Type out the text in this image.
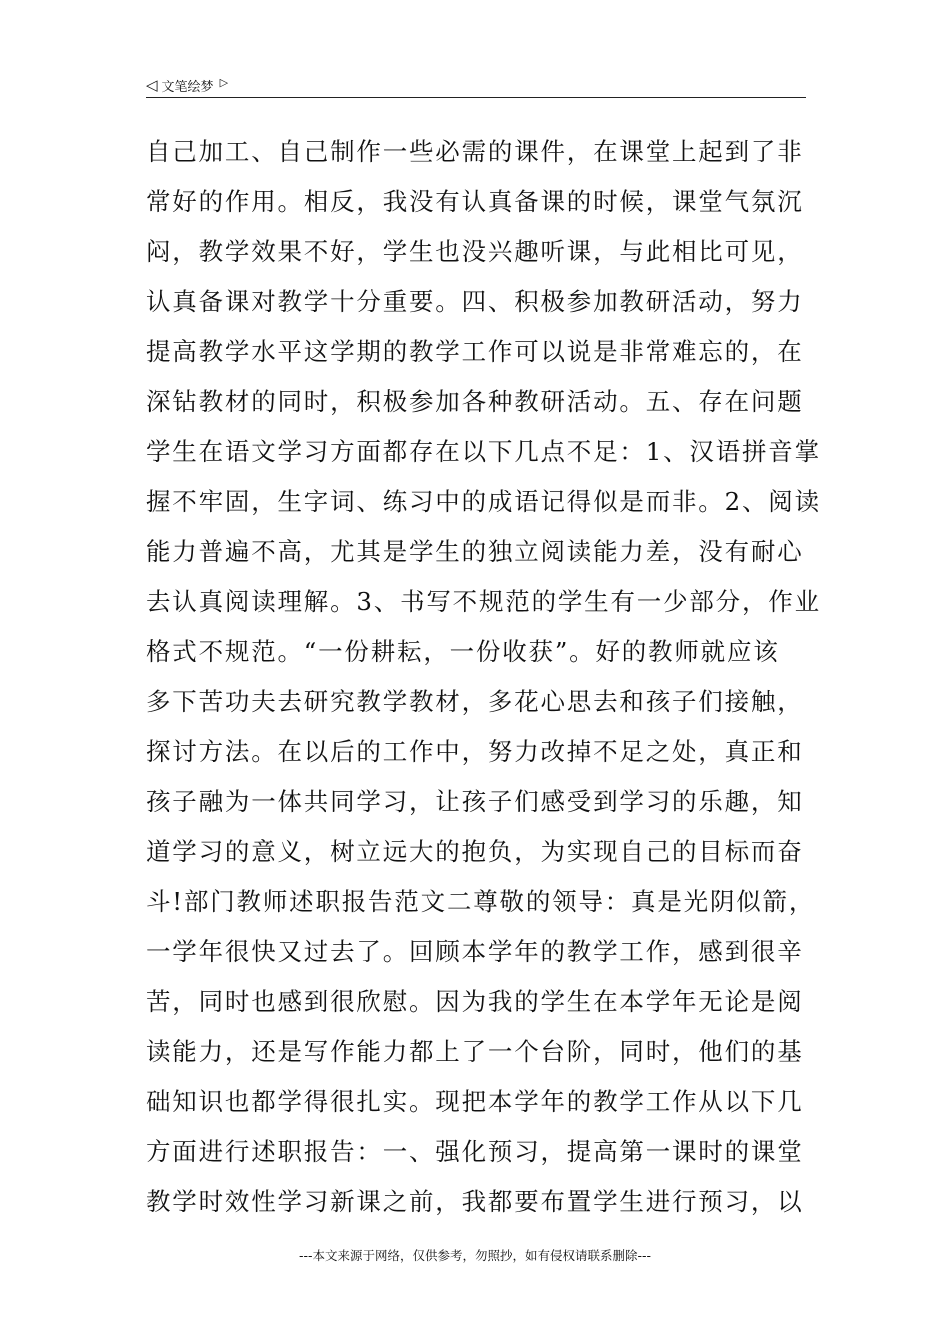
◁ 文笔绘梦 ▷
自己加工、自己制作一些必需的课件，在课堂上起到了非
常好的作用。相反，我没有认真备课的时候，课堂气氛沉
闷，教学效果不好，学生也没兴趣听课，与此相比可见，
认真备课对教学十分重要。四、积极参加教研活动，努力
提高教学水平这学期的教学工作可以说是非常难忘的，在
深钻教材的同时，积极参加各种教研活动。五、存在问题
学生在语文学习方面都存在以下几点不足：1、汉语拼音掌
握不牢固，生字词、练习中的成语记得似是而非。2、阅读
能力普遍不高，尤其是学生的独立阅读能力差，没有耐心
去认真阅读理解。3、书写不规范的学生有一少部分，作业
格式不规范。“一份耕耘，一份收获”。好的教师就应该
多下苦功夫去研究教学教材，多花心思去和孩子们接触，
探讨方法。在以后的工作中，努力改掉不足之处，真正和
孩子融为一体共同学习，让孩子们感受到学习的乐趣，知
道学习的意义，树立远大的抱负，为实现自己的目标而奋
斗!部门教师述职报告范文二尊敬的领导：真是光阴似箭，
一学年很快又过去了。回顾本学年的教学工作，感到很辛
苦，同时也感到很欣慰。因为我的学生在本学年无论是阅
读能力，还是写作能力都上了一个台阶，同时，他们的基
础知识也都学得很扎实。现把本学年的教学工作从以下几
方面进行述职报告：一、强化预习，提高第一课时的课堂
教学时效性学习新课之前，我都要布置学生进行预习，以
---本文来源于网络，仅供参考，勿照抄，如有侵权请联系删除---
